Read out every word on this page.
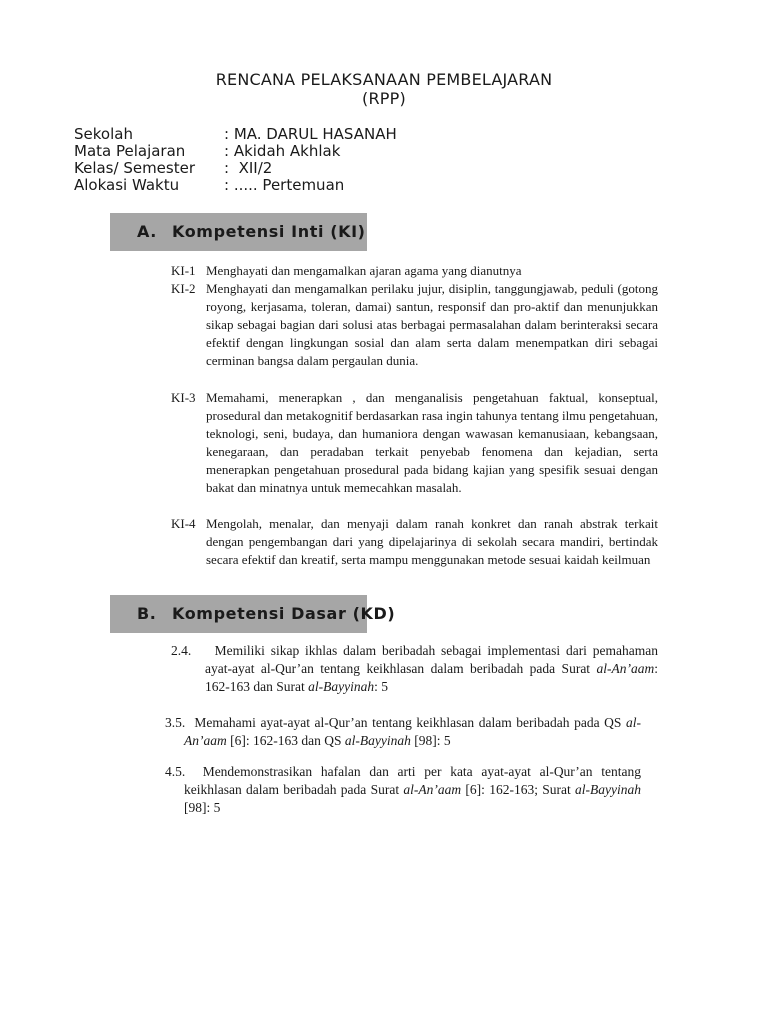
RENCANA PELAKSANAAN PEMBELAJARAN
(RPP)
Sekolah	: MA. DARUL HASANAH
Mata Pelajaran	: Akidah Akhlak
Kelas/ Semester :  XII/2
Alokasi Waktu	: ..... Pertemuan
A. Kompetensi Inti (KI)
KI-1 Menghayati dan mengamalkan ajaran agama yang dianutnya
KI-2 Menghayati dan mengamalkan perilaku jujur, disiplin, tanggungjawab, peduli (gotong royong, kerjasama, toleran, damai) santun, responsif dan pro-aktif dan menunjukkan sikap sebagai bagian dari solusi atas berbagai permasalahan dalam berinteraksi secara efektif dengan lingkungan sosial dan alam serta dalam menempatkan diri sebagai cerminan bangsa dalam pergaulan dunia.
KI-3 Memahami, menerapkan , dan menganalisis pengetahuan faktual, konseptual, prosedural dan metakognitif berdasarkan rasa ingin tahunya tentang ilmu pengetahuan, teknologi, seni, budaya, dan humaniora dengan wawasan kemanusiaan, kebangsaan, kenegaraan, dan peradaban terkait penyebab fenomena dan kejadian, serta menerapkan pengetahuan prosedural pada bidang kajian yang spesifik sesuai dengan bakat dan minatnya untuk memecahkan masalah.
KI-4 Mengolah, menalar, dan menyaji dalam ranah konkret dan ranah abstrak terkait dengan pengembangan dari yang dipelajarinya di sekolah secara mandiri, bertindak secara efektif dan kreatif, serta mampu menggunakan metode sesuai kaidah keilmuan
B. Kompetensi Dasar (KD)
2.4. Memiliki sikap ikhlas dalam beribadah sebagai implementasi dari pemahaman ayat-ayat al-Qur’an tentang keikhlasan dalam beribadah pada Surat al-An’aam: 162-163 dan Surat al-Bayyinah: 5
3.5. Memahami ayat-ayat al-Qur’an tentang keikhlasan dalam beribadah pada QS al-An’aam [6]: 162-163 dan QS al-Bayyinah [98]: 5
4.5. Mendemonstrasikan hafalan dan arti per kata ayat-ayat al-Qur’an tentang keikhlasan dalam beribadah pada Surat al-An’aam [6]: 162-163; Surat al-Bayyinah [98]: 5
